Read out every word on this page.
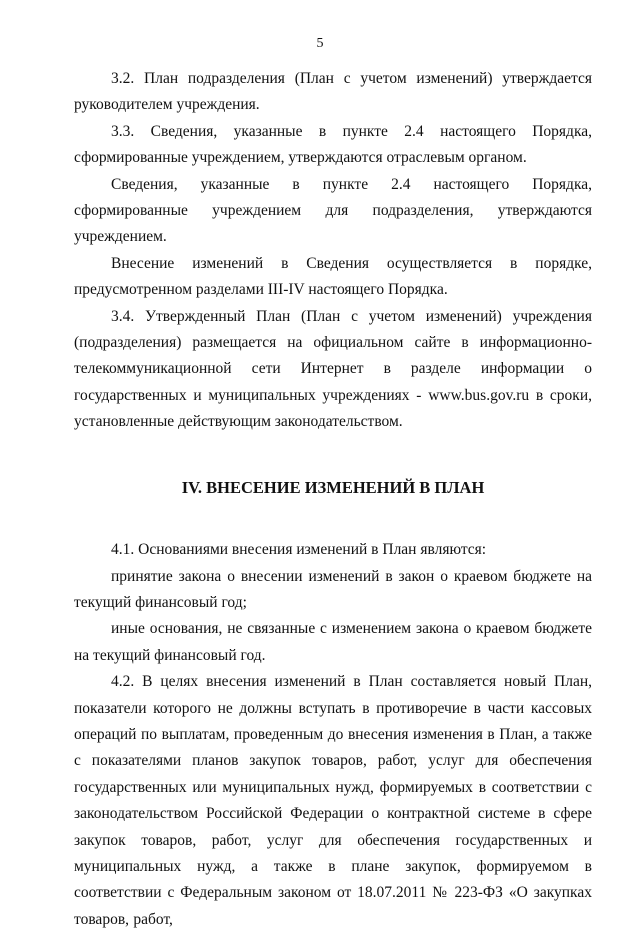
5

3.2. План подразделения (План с учетом изменений) утверждается руководителем учреждения.

3.3. Сведения, указанные в пункте 2.4 настоящего Порядка, сформированные учреждением, утверждаются отраслевым органом.

Сведения, указанные в пункте 2.4 настоящего Порядка, сформированные учреждением для подразделения, утверждаются учреждением.

Внесение изменений в Сведения осуществляется в порядке, предусмотренном разделами III-IV настоящего Порядка.

3.4. Утвержденный План (План с учетом изменений) учреждения (подразделения) размещается на официальном сайте в информационно-телекоммуникационной сети Интернет в разделе информации о государственных и муниципальных учреждениях - www.bus.gov.ru в сроки, установленные действующим законодательством.

IV. ВНЕСЕНИЕ ИЗМЕНЕНИЙ В ПЛАН

4.1. Основаниями внесения изменений в План являются:

принятие закона о внесении изменений в закон о краевом бюджете на текущий финансовый год;

иные основания, не связанные с изменением закона о краевом бюджете на текущий финансовый год.

4.2. В целях внесения изменений в План составляется новый План, показатели которого не должны вступать в противоречие в части кассовых операций по выплатам, проведенным до внесения изменения в План, а также с показателями планов закупок товаров, работ, услуг для обеспечения государственных или муниципальных нужд, формируемых в соответствии с законодательством Российской Федерации о контрактной системе в сфере закупок товаров, работ, услуг для обеспечения государственных и муниципальных нужд, а также в плане закупок, формируемом в соответствии с Федеральным законом от 18.07.2011 № 223-ФЗ «О закупках товаров, работ,
